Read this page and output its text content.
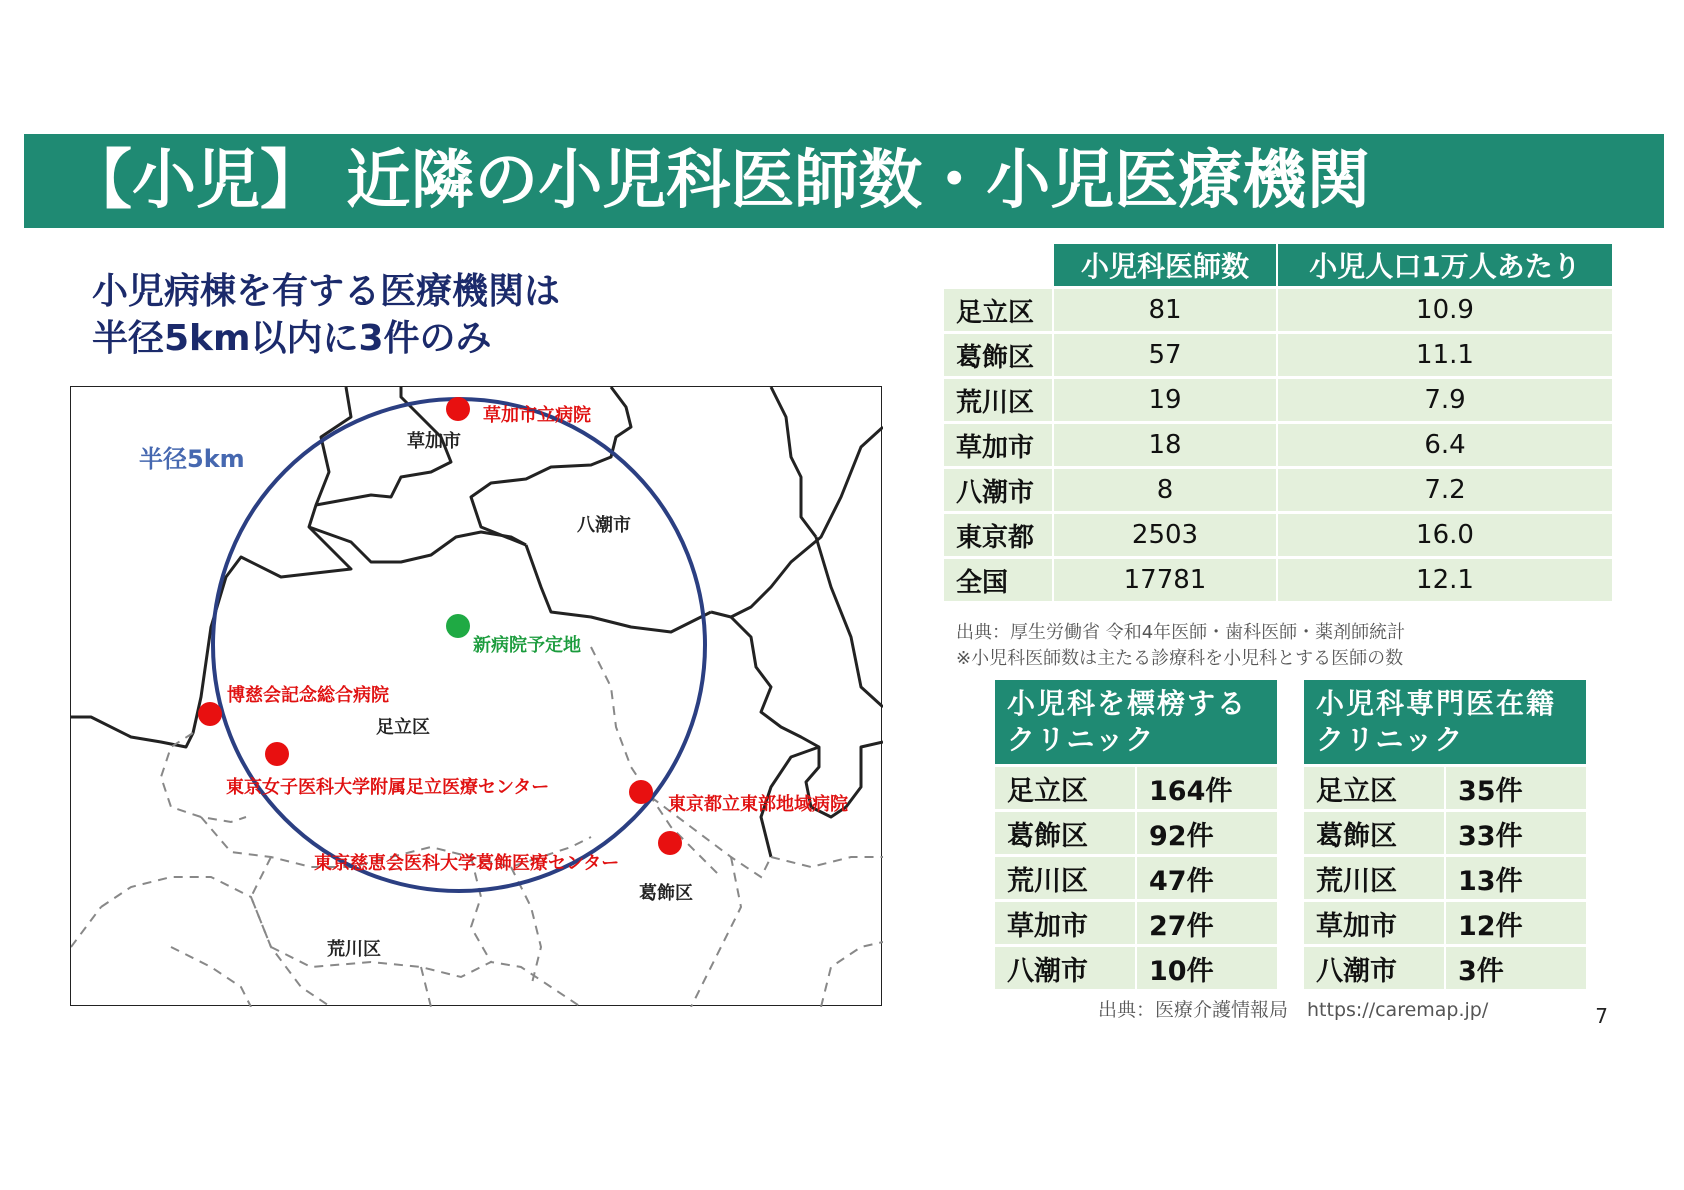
【小児】 近隣の小児科医師数・小児医療機関
小児病棟を有する医療機関は
半径5km以内に3件のみ
半径5km
草加市
八潮市
足立区
葛飾区
荒川区
草加市立病院
新病院予定地
博慈会記念総合病院
東京女子医科大学附属足立医療センター
東京都立東部地域病院
東京慈恵会医科大学葛飾医療センター
	小児科医師数	小児人口1万人あたり
足立区	81	10.9
葛飾区	57	11.1
荒川区	19	7.9
草加市	18	6.4
八潮市	8	7.2
東京都	2503	16.0
全国	17781	12.1
出典：厚生労働省 令和4年医師・歯科医師・薬剤師統計
※小児科医師数は主たる診療科を小児科とする医師の数
小児科を標榜する
クリニック	

足立区	164件
葛飾区	92件
荒川区	47件
草加市	27件
八潮市	10件
小児科専門医在籍
クリニック	

足立区	35件
葛飾区	33件
荒川区	13件
草加市	12件
八潮市	3件
出典：医療介護情報局　https://caremap.jp/	7
